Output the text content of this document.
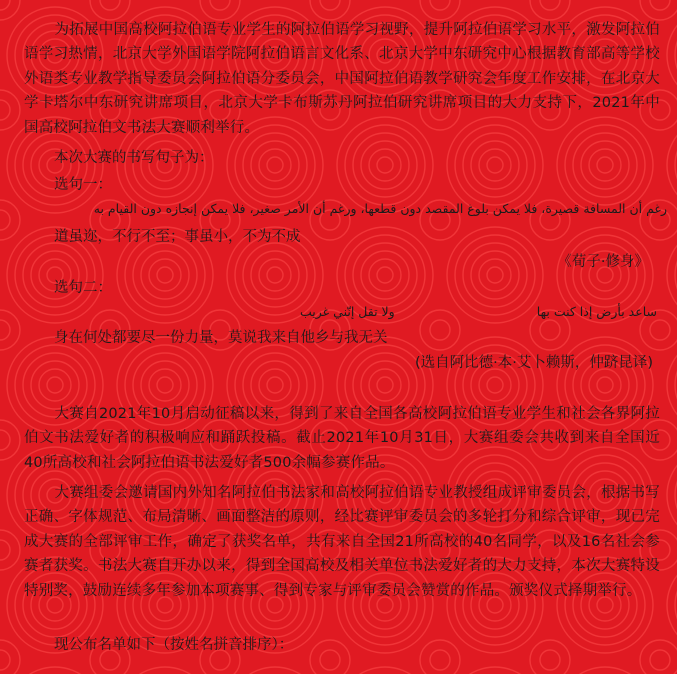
为拓展中国高校阿拉伯语专业学生的阿拉伯语学习视野，提升阿拉伯语学习水平，激发阿拉伯语学习热情，北京大学外国语学院阿拉伯语言文化系、北京大学中东研究中心根据教育部高等学校外语类专业教学指导委员会阿拉伯语分委员会，中国阿拉伯语教学研究会年度工作安排，在北京大学卡塔尔中东研究讲席项目，北京大学卡布斯苏丹阿拉伯研究讲席项目的大力支持下，2021年中国高校阿拉伯文书法大赛顺利举行。

本次大赛的书写句子为：
选句一：
رغم أن المسافة قصيرة، فلا يمكن بلوغ المقصد دون قطعها، ورغم أن الأمر صغير، فلا يمكن إنجازه دون القيام به
道虽迩，不行不至；事虽小，不为不成
《荀子·修身》
选句二：
ساعد بأرض إذا كنت بها
ولا تقل إنّني غريب
身在何处都要尽一份力量，莫说我来自他乡与我无关
(选自阿比德·本·艾卜赖斯，仲跻昆译)

大赛自2021年10月启动征稿以来，得到了来自全国各高校阿拉伯语专业学生和社会各界阿拉伯文书法爱好者的积极响应和踊跃投稿。截止2021年10月31日，大赛组委会共收到来自全国近40所高校和社会阿拉伯语书法爱好者500余幅参赛作品。

大赛组委会邀请国内外知名阿拉伯书法家和高校阿拉伯语专业教授组成评审委员会，根据书写正确、字体规范、布局清晰、画面整洁的原则，经比赛评审委员会的多轮打分和综合评审，现已完成大赛的全部评审工作，确定了获奖名单，共有来自全国21所高校的40名同学，以及16名社会参赛者获奖。书法大赛自开办以来，得到全国高校及相关单位书法爱好者的大力支持，本次大赛特设特别奖，鼓励连续多年参加本项赛事、得到专家与评审委员会赞赏的作品。颁奖仪式择期举行。

现公布名单如下（按姓名拼音排序）：
